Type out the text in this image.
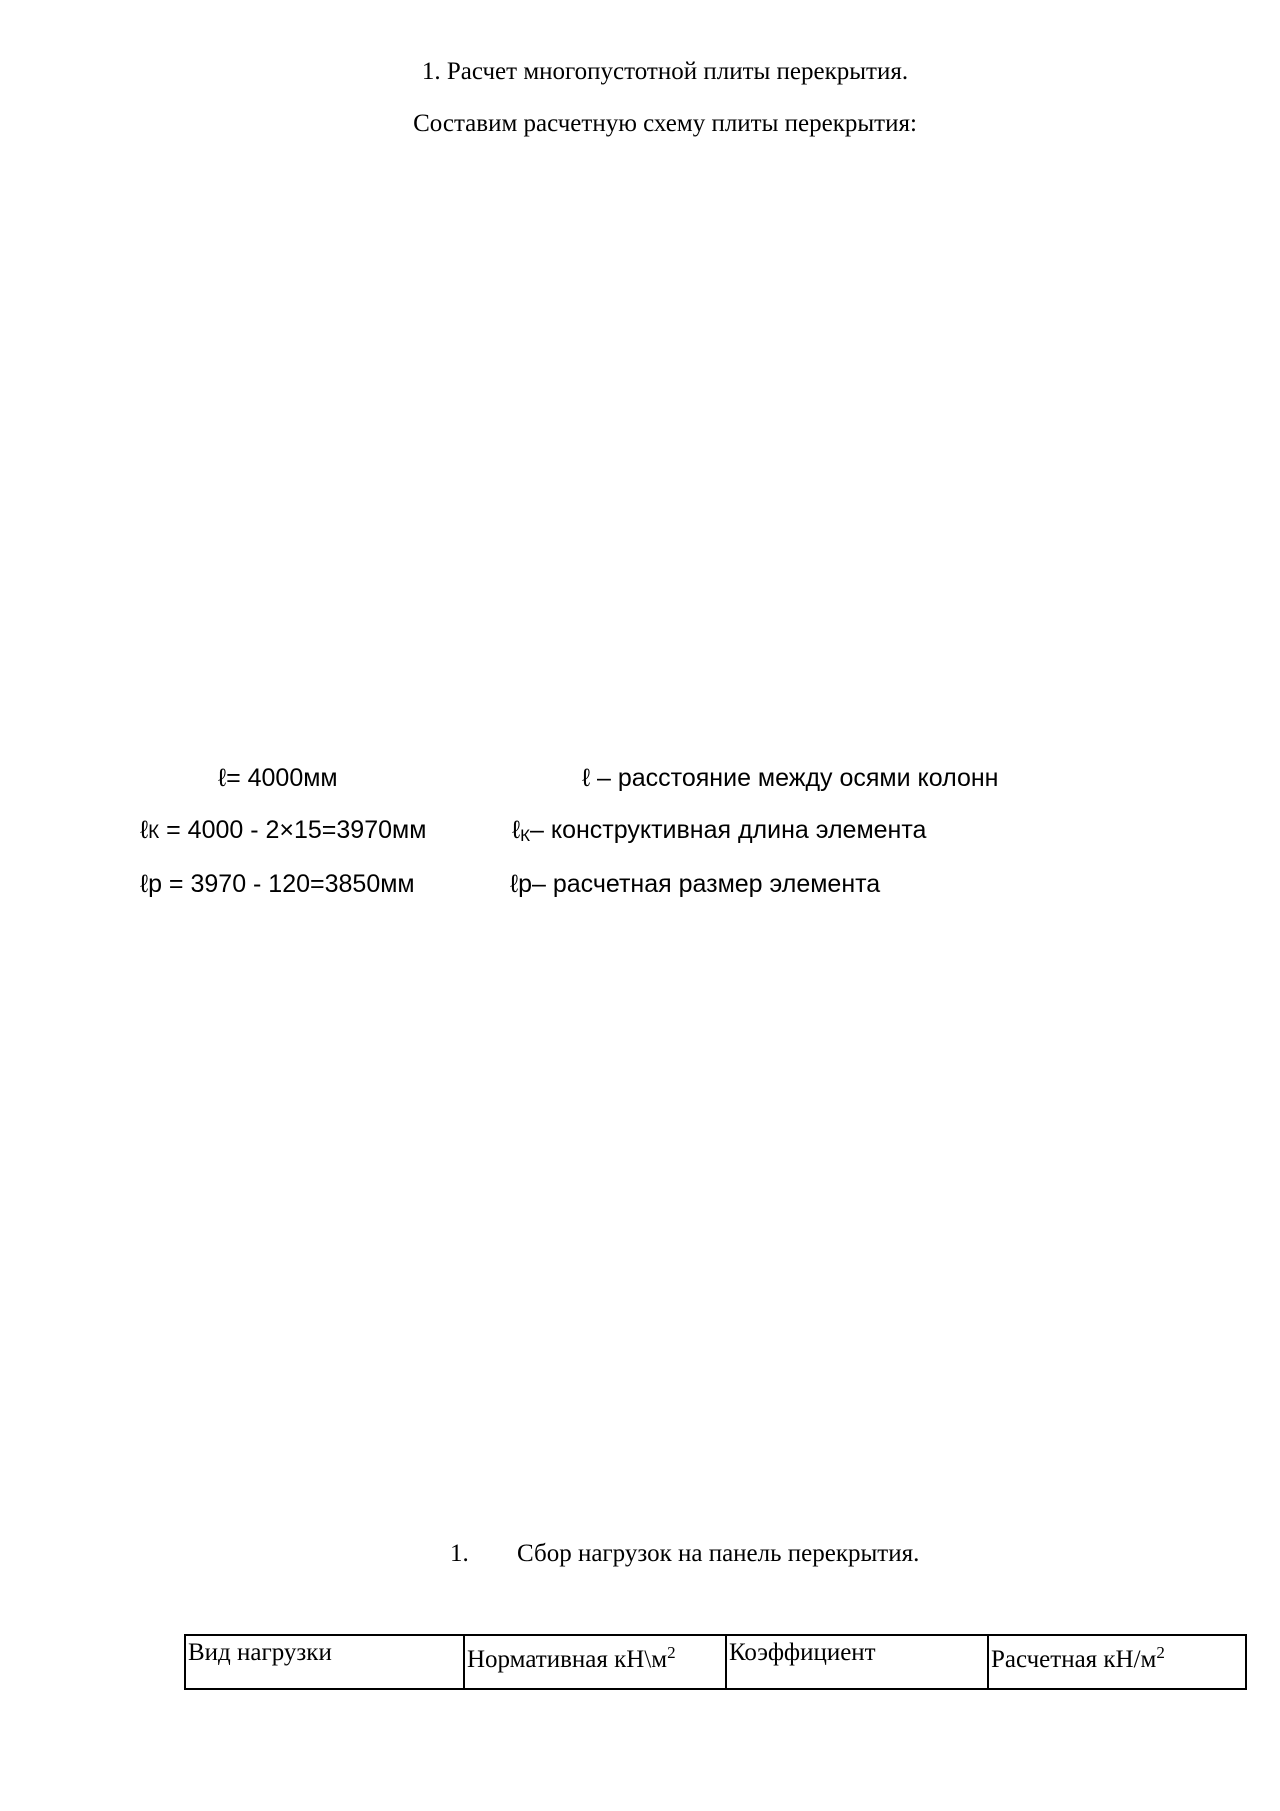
1. Расчет многопустотной плиты перекрытия.
Составим расчетную схему плиты перекрытия:
ℓ= 4000мм	ℓ – расстояние между осями колонн
ℓК = 4000 - 2×15=3970мм	ℓ$_К$– конструктивная длина элемента
ℓр = 3970 - 120=3850мм	ℓр– расчетная размер элемента
1. Сбор нагрузок на панель перекрытия.
Вид нагрузки	Нормативная $кН\backslash м^2$	Коэффициент	Расчетная $кН/м^2$
